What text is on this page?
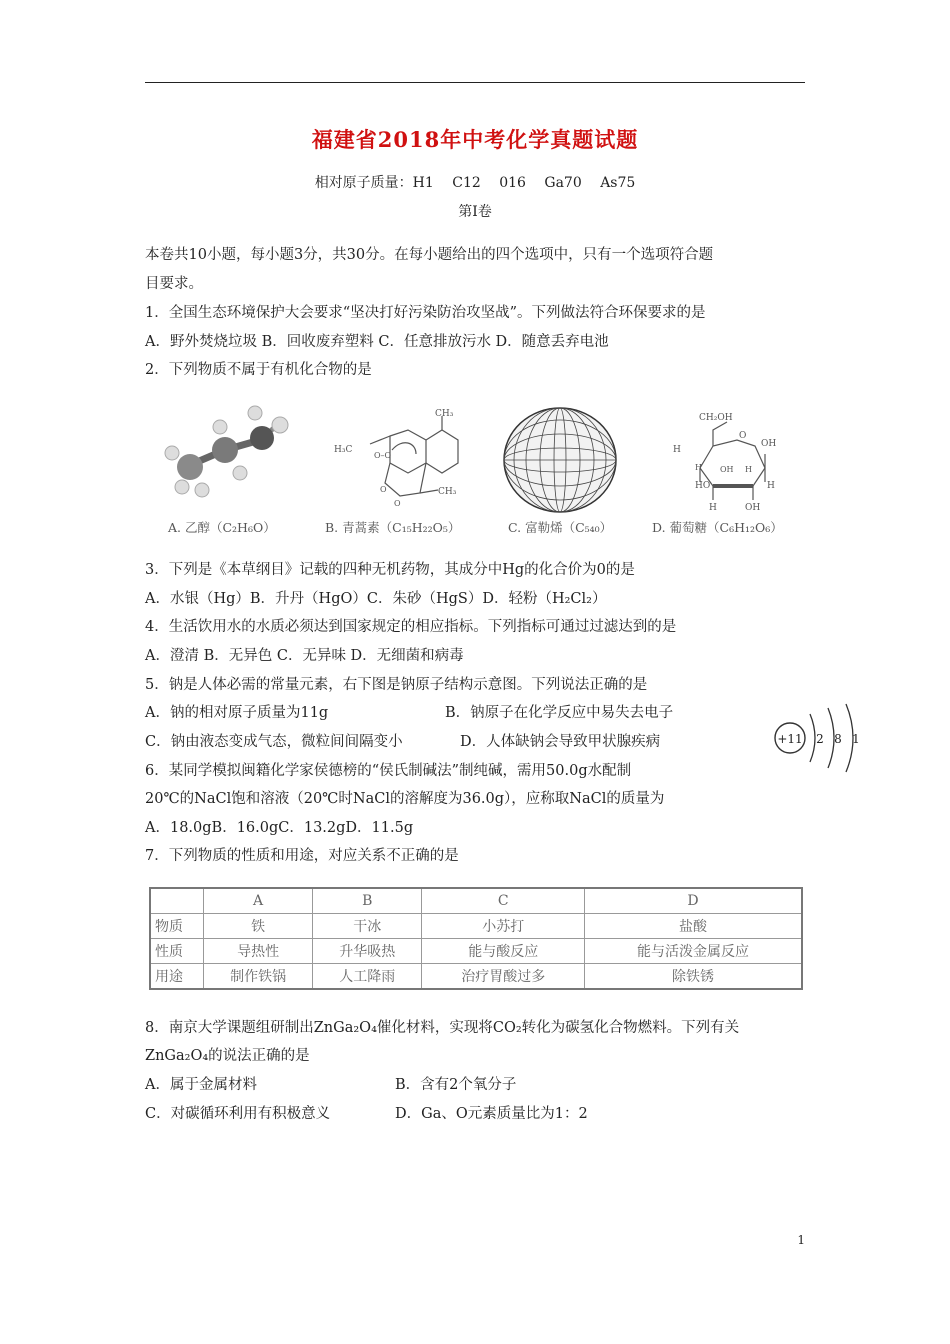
福建省2018年中考化学真题试题
相对原子质量：H1 　C12　 016　 Ga70　 As75
第Ⅰ卷
本卷共10小题，每小题3分，共30分。在每小题给出的四个选项中，只有一个选项符合题
目要求。
1．全国生态环境保护大会要求“坚决打好污染防治攻坚战”。下列做法符合环保要求的是
A．野外焚烧垃圾 B．回收废弃塑料 C．任意排放污水 D．随意丢弃电池
2．下列物质不属于有机化合物的是
A. 乙醇（C₂H₆O）
CH₃
H₃C
O–O
O
O
CH₃
B. 青蒿素（C₁₅H₂₂O₅）	C. 富勒烯（C₅₄₀）
CH₂OH
O
OH
H
H
HO
OH H
H
H	OH
D. 葡萄糖（C₆H₁₂O₆）
3．下列是《本草纲目》记载的四种无机药物，其成分中Hg的化合价为0的是
A．水银（Hg）B．升丹（HgO）C．朱砂（HgS）D．轻粉（H₂Cl₂）
4．生活饮用水的水质必须达到国家规定的相应指标。下列指标可通过过滤达到的是
A．澄清 B．无异色 C．无异味 D．无细菌和病毒
5．钠是人体必需的常量元素，右下图是钠原子结构示意图。下列说法正确的是
A．钠的相对原子质量为11g	B．钠原子在化学反应中易失去电子
C．钠由液态变成气态，微粒间间隔变小	D．人体缺钠会导致甲状腺疾病	+11 2 8 1
6．某同学模拟闽籍化学家侯德榜的“侯氏制碱法”制纯碱，需用50.0g水配制
20℃的NaCl饱和溶液（20℃时NaCl的溶解度为36.0g），应称取NaCl的质量为
A．18.0gB．16.0gC．13.2gD．11.5g
7．下列物质的性质和用途，对应关系不正确的是
	A	B	C	D
物质	铁	干冰	小苏打	盐酸
性质	导热性	升华吸热	能与酸反应	能与活泼金属反应
用途	制作铁锅	人工降雨	治疗胃酸过多	除铁锈
8．南京大学课题组研制出ZnGa₂O₄催化材料，实现将CO₂转化为碳氢化合物燃料。下列有关
ZnGa₂O₄的说法正确的是
A．属于金属材料	B．含有2个氧分子
C．对碳循环利用有积极意义	D．Ga、O元素质量比为1：2
1
